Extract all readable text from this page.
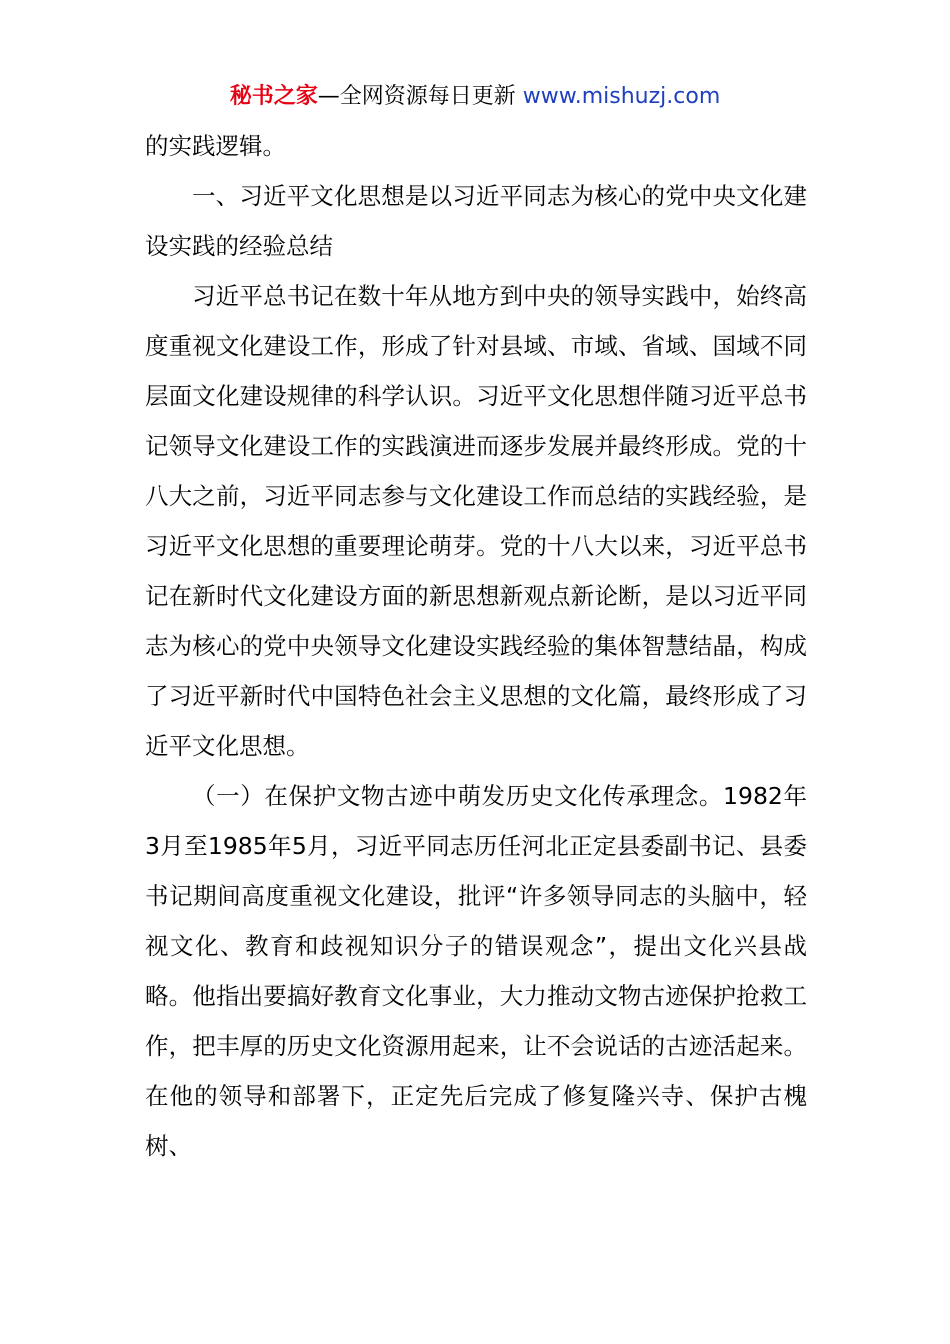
秘书之家—全网资源每日更新 www.mishuzj.com

的实践逻辑。

一、习近平文化思想是以习近平同志为核心的党中央文化建设实践的经验总结

习近平总书记在数十年从地方到中央的领导实践中，始终高度重视文化建设工作，形成了针对县域、市域、省域、国域不同层面文化建设规律的科学认识。习近平文化思想伴随习近平总书记领导文化建设工作的实践演进而逐步发展并最终形成。党的十八大之前，习近平同志参与文化建设工作而总结的实践经验，是习近平文化思想的重要理论萌芽。党的十八大以来，习近平总书记在新时代文化建设方面的新思想新观点新论断，是以习近平同志为核心的党中央领导文化建设实践经验的集体智慧结晶，构成了习近平新时代中国特色社会主义思想的文化篇，最终形成了习近平文化思想。

（一）在保护文物古迹中萌发历史文化传承理念。1982年3月至1985年5月，习近平同志历任河北正定县委副书记、县委书记期间高度重视文化建设，批评“许多领导同志的头脑中，轻视文化、教育和歧视知识分子的错误观念”，提出文化兴县战略。他指出要搞好教育文化事业，大力推动文物古迹保护抢救工作，把丰厚的历史文化资源用起来，让不会说话的古迹活起来。在他的领导和部署下，正定先后完成了修复隆兴寺、保护古槐树、
